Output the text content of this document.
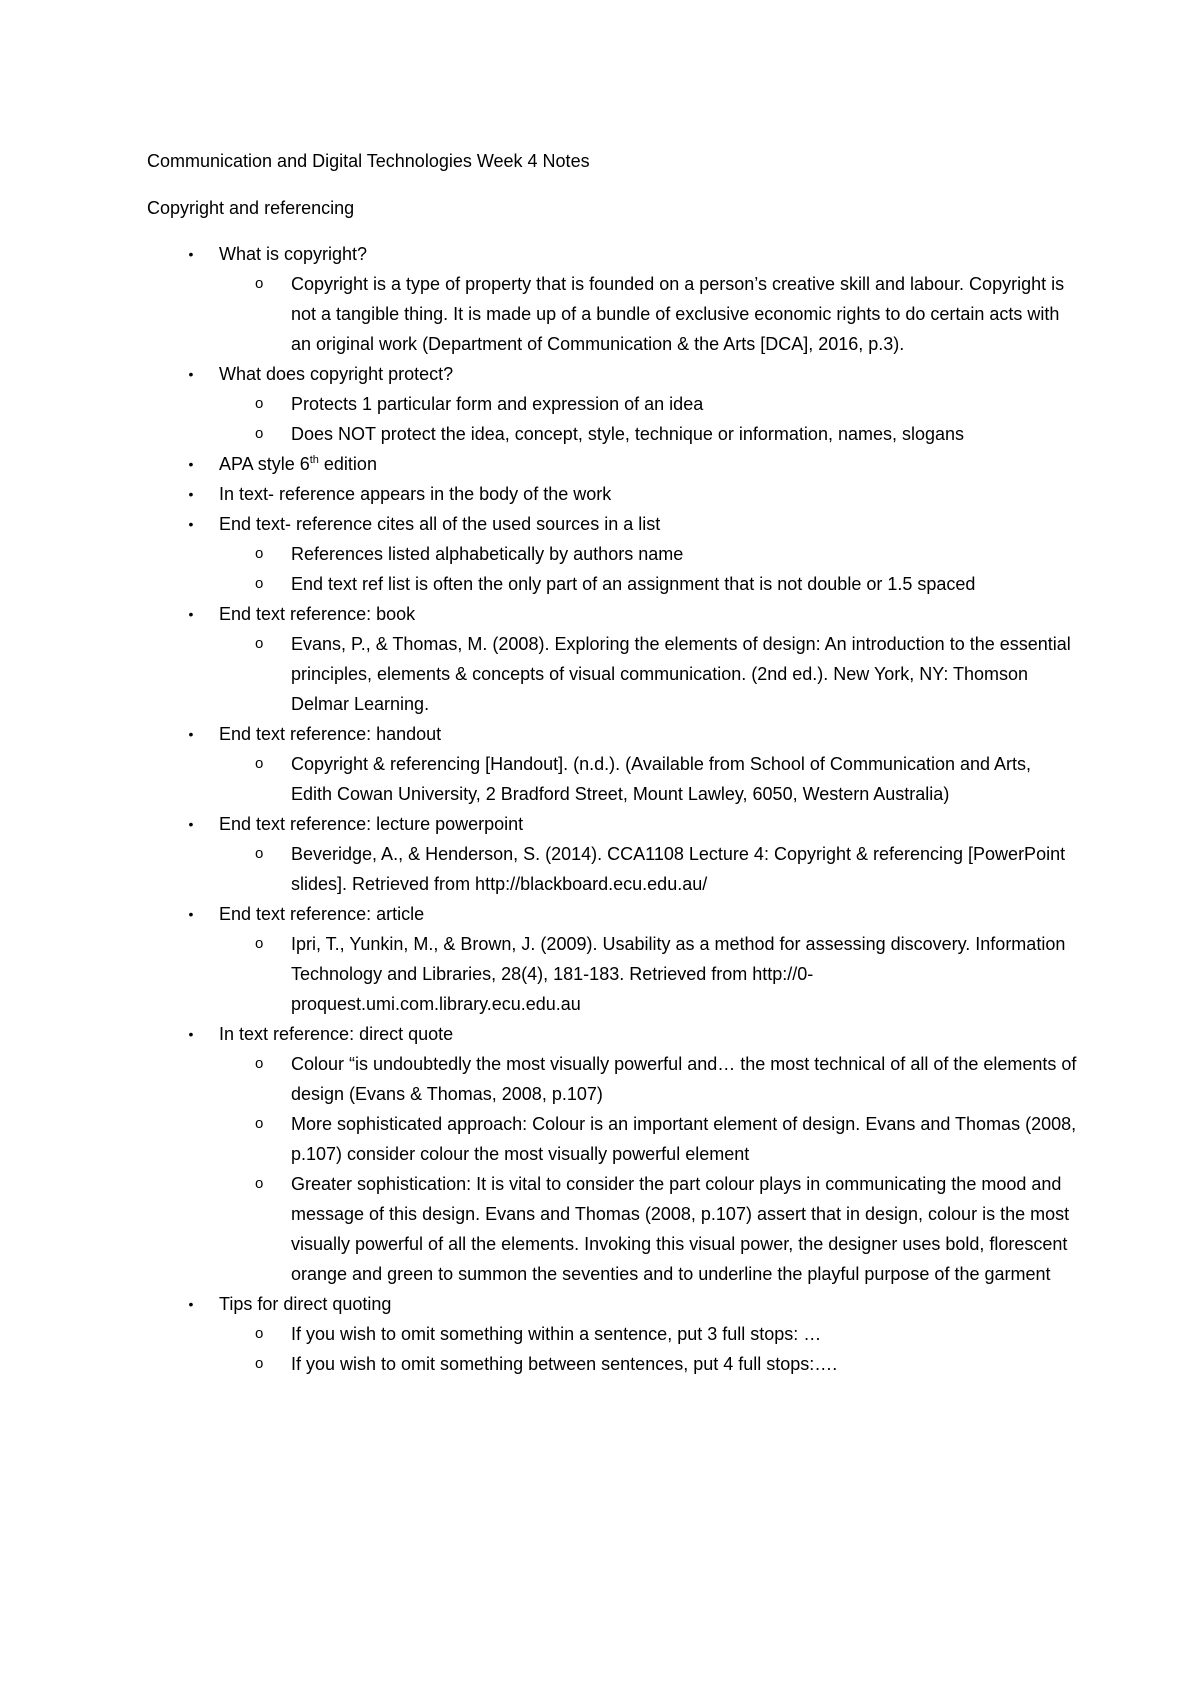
Communication and Digital Technologies Week 4 Notes
Copyright and referencing
• What is copyright?
o Copyright is a type of property that is founded on a person’s creative skill and labour. Copyright is not a tangible thing. It is made up of a bundle of exclusive economic rights to do certain acts with an original work (Department of Communication & the Arts [DCA], 2016, p.3).
• What does copyright protect?
o Protects 1 particular form and expression of an idea
o Does NOT protect the idea, concept, style, technique or information, names, slogans
• APA style 6th edition
• In text- reference appears in the body of the work
• End text- reference cites all of the used sources in a list
o References listed alphabetically by authors name
o End text ref list is often the only part of an assignment that is not double or 1.5 spaced
• End text reference: book
o Evans, P., & Thomas, M. (2008). Exploring the elements of design: An introduction to the essential principles, elements & concepts of visual communication. (2nd ed.). New York, NY: Thomson Delmar Learning.
• End text reference: handout
o Copyright & referencing [Handout]. (n.d.). (Available from School of Communication and Arts, Edith Cowan University, 2 Bradford Street, Mount Lawley, 6050, Western Australia)
• End text reference: lecture powerpoint
o Beveridge, A., & Henderson, S. (2014). CCA1108 Lecture 4: Copyright & referencing [PowerPoint slides]. Retrieved from http://blackboard.ecu.edu.au/
• End text reference: article
o Ipri, T., Yunkin, M., & Brown, J. (2009). Usability as a method for assessing discovery. Information Technology and Libraries, 28(4), 181-183. Retrieved from http://0-proquest.umi.com.library.ecu.edu.au
• In text reference: direct quote
o Colour “is undoubtedly the most visually powerful and… the most technical of all of the elements of design (Evans & Thomas, 2008, p.107)
o More sophisticated approach: Colour is an important element of design. Evans and Thomas (2008, p.107) consider colour the most visually powerful element
o Greater sophistication: It is vital to consider the part colour plays in communicating the mood and message of this design. Evans and Thomas (2008, p.107) assert that in design, colour is the most visually powerful of all the elements. Invoking this visual power, the designer uses bold, florescent orange and green to summon the seventies and to underline the playful purpose of the garment
• Tips for direct quoting
o If you wish to omit something within a sentence, put 3 full stops: …
o If you wish to omit something between sentences, put 4 full stops:….
